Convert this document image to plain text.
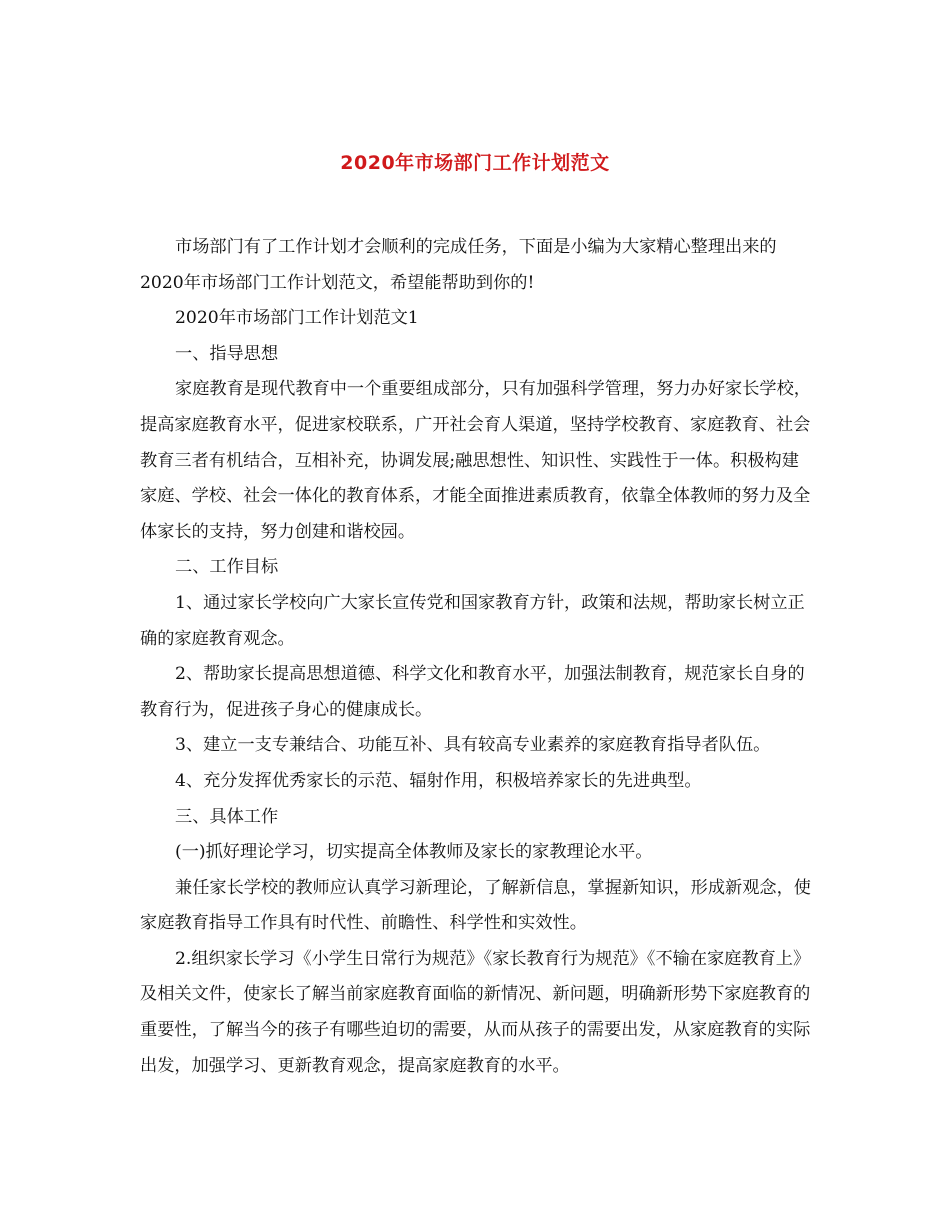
2020年市场部门工作计划范文

市场部门有了工作计划才会顺利的完成任务，下面是小编为大家精心整理出来的2020年市场部门工作计划范文，希望能帮助到你的!

2020年市场部门工作计划范文1

一、指导思想

家庭教育是现代教育中一个重要组成部分，只有加强科学管理，努力办好家长学校，提高家庭教育水平，促进家校联系，广开社会育人渠道，坚持学校教育、家庭教育、社会教育三者有机结合，互相补充，协调发展;融思想性、知识性、实践性于一体。积极构建家庭、学校、社会一体化的教育体系，才能全面推进素质教育，依靠全体教师的努力及全体家长的支持，努力创建和谐校园。

二、工作目标

1、通过家长学校向广大家长宣传党和国家教育方针，政策和法规，帮助家长树立正确的家庭教育观念。

2、帮助家长提高思想道德、科学文化和教育水平，加强法制教育，规范家长自身的教育行为，促进孩子身心的健康成长。

3、建立一支专兼结合、功能互补、具有较高专业素养的家庭教育指导者队伍。

4、充分发挥优秀家长的示范、辐射作用，积极培养家长的先进典型。

三、具体工作

(一)抓好理论学习，切实提高全体教师及家长的家教理论水平。

兼任家长学校的教师应认真学习新理论，了解新信息，掌握新知识，形成新观念，使家庭教育指导工作具有时代性、前瞻性、科学性和实效性。

2.组织家长学习《小学生日常行为规范》《家长教育行为规范》《不输在家庭教育上》及相关文件，使家长了解当前家庭教育面临的新情况、新问题，明确新形势下家庭教育的重要性，了解当今的孩子有哪些迫切的需要，从而从孩子的需要出发，从家庭教育的实际出发，加强学习、更新教育观念，提高家庭教育的水平。
